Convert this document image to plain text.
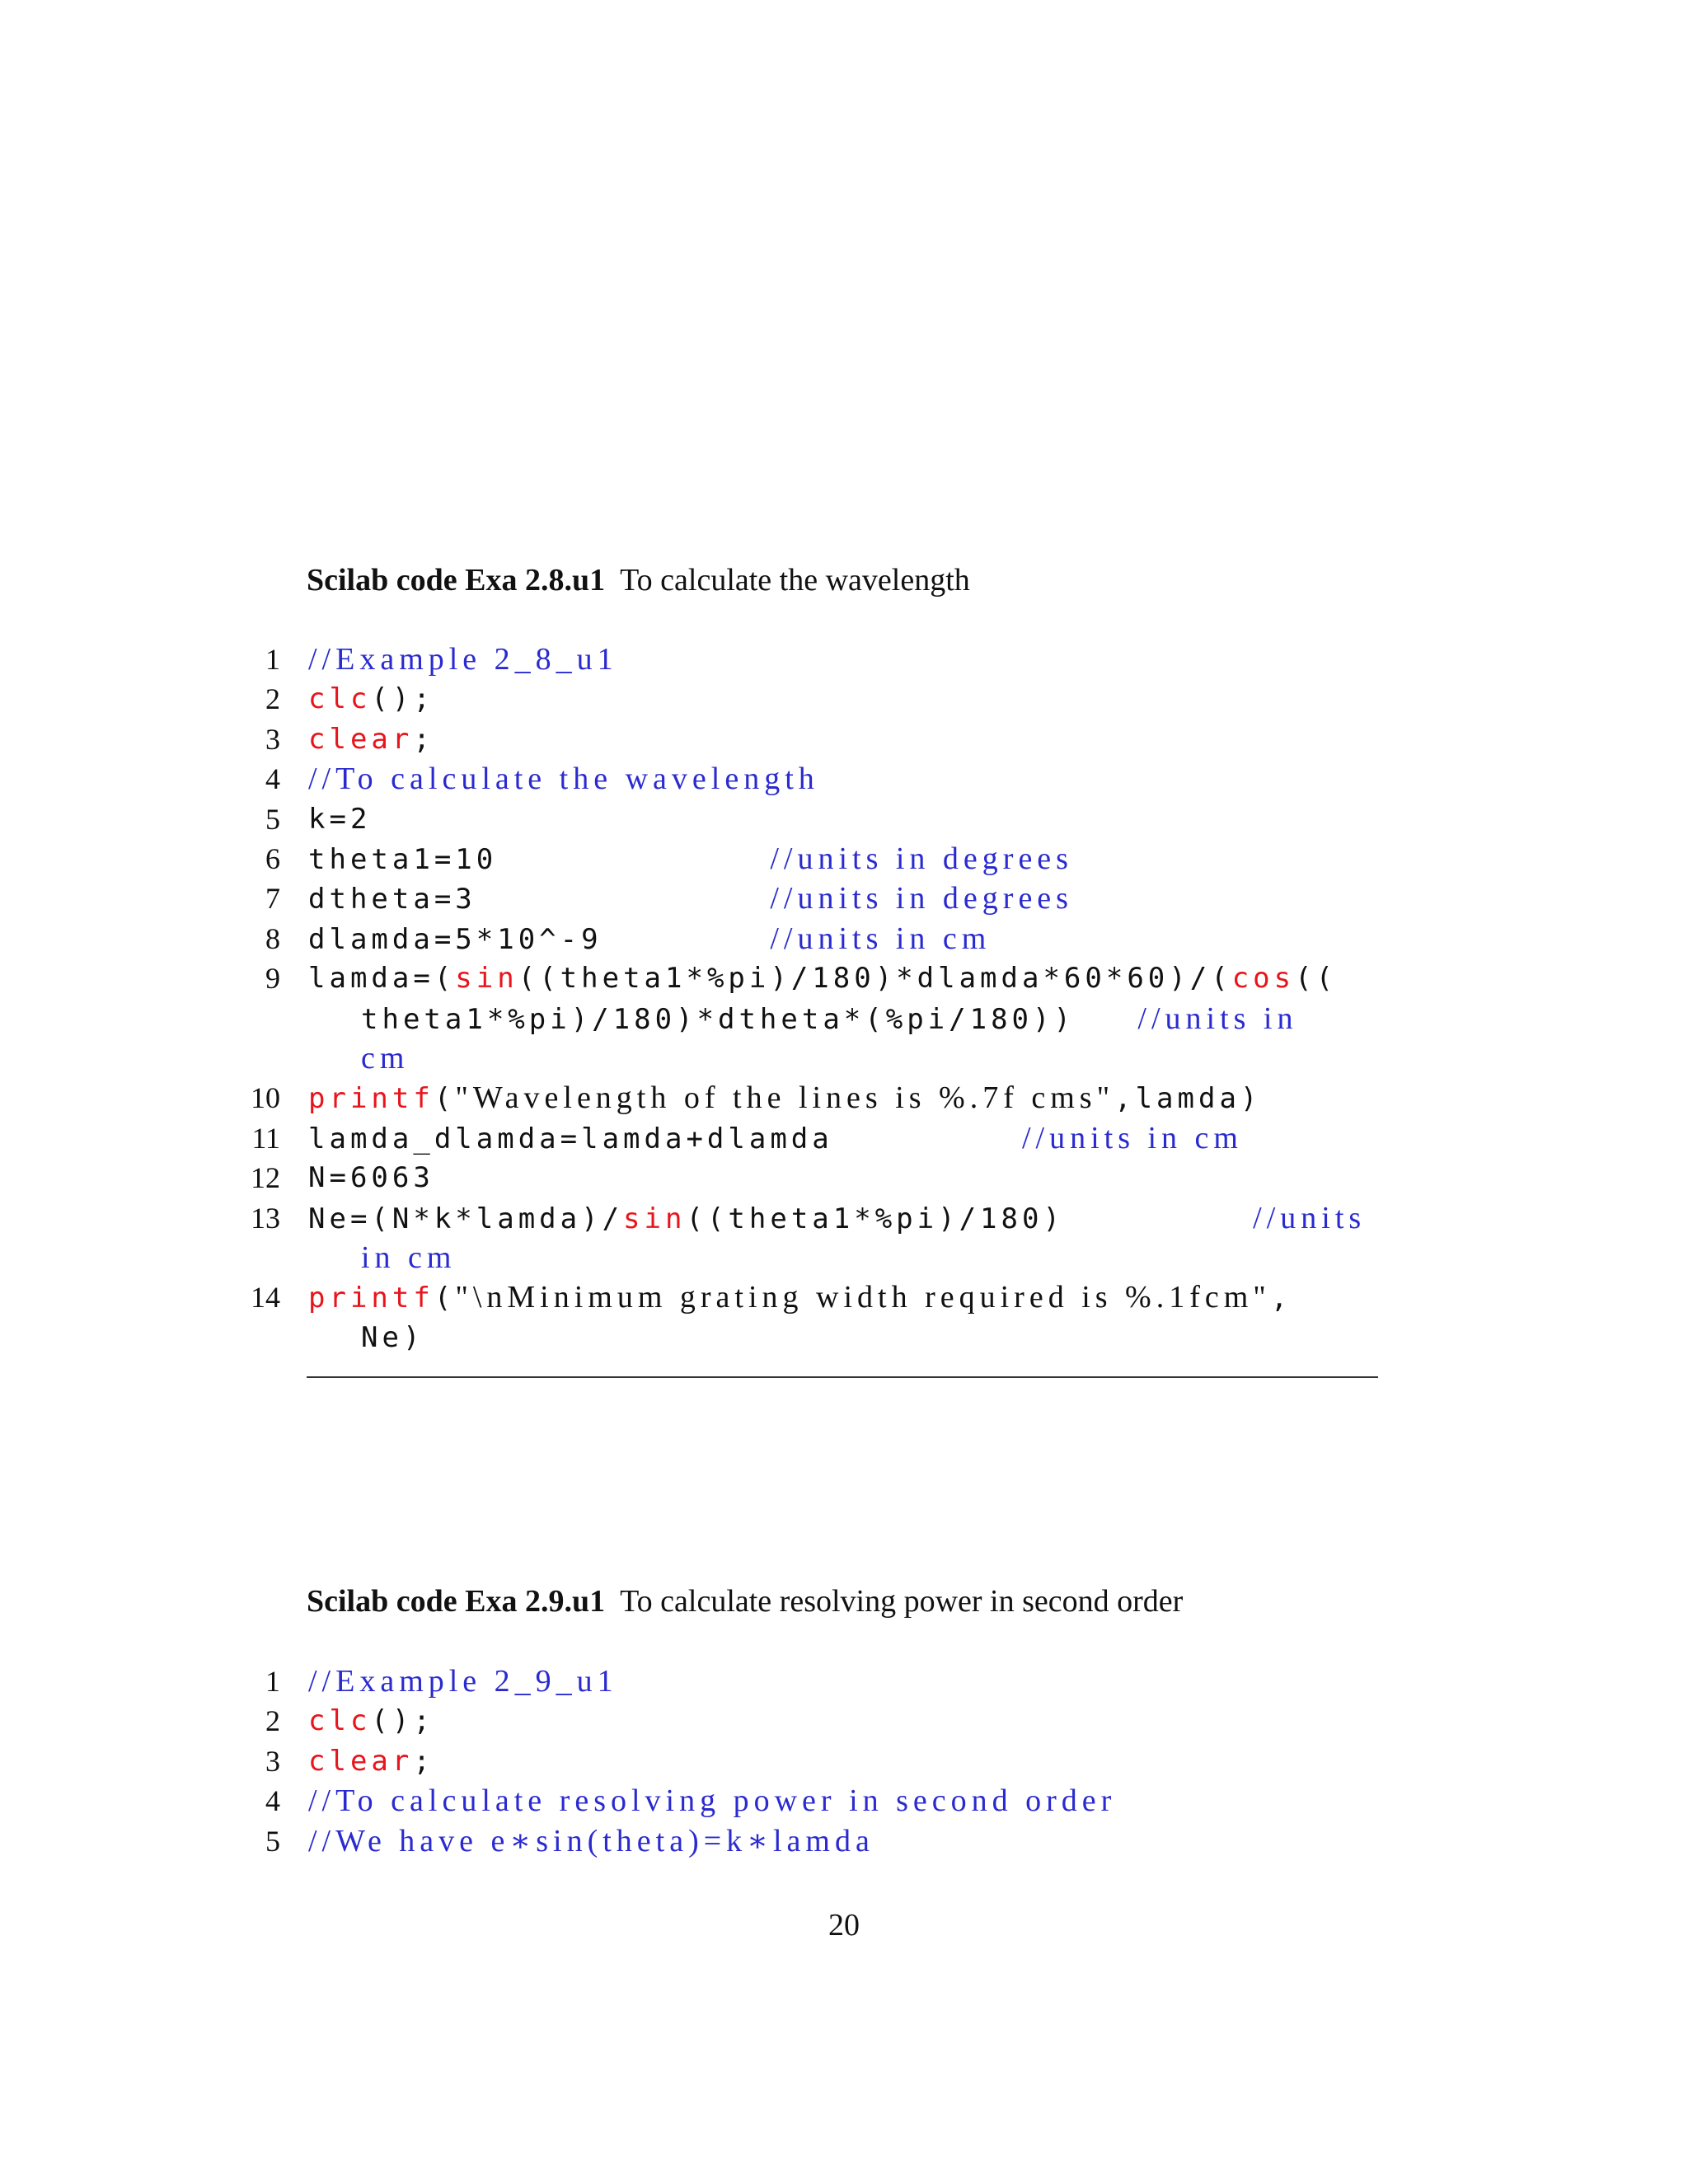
Scilab code Exa 2.8.u1 To calculate the wavelength
1 //Example 2_8_u1
2 clc();
3 clear;
4 //To calculate the wavelength
5 k=2
6 theta1=10             //units in degrees
7 dtheta=3              //units in degrees
8 dlamda=5*10^-9        //units in cm
9 lamda=(sin((theta1*%pi)/180)*dlamda*60*60)/(cos((
theta1*%pi)/180)*dtheta*(%pi/180))   //units in
cm
10 printf("Wavelength of the lines is %.7f cms",lamda)
11 lamda_dlamda=lamda+dlamda         //units in cm
12 N=6063
13 Ne=(N*k*lamda)/sin((theta1*%pi)/180)         //units
in cm
14 printf("\nMinimum grating width required is %.1fcm",
Ne)
Scilab code Exa 2.9.u1 To calculate resolving power in second order
1 //Example 2_9_u1
2 clc();
3 clear;
4 //To calculate resolving power in second order
5 //We have e∗sin(theta)=k∗lamda
20
